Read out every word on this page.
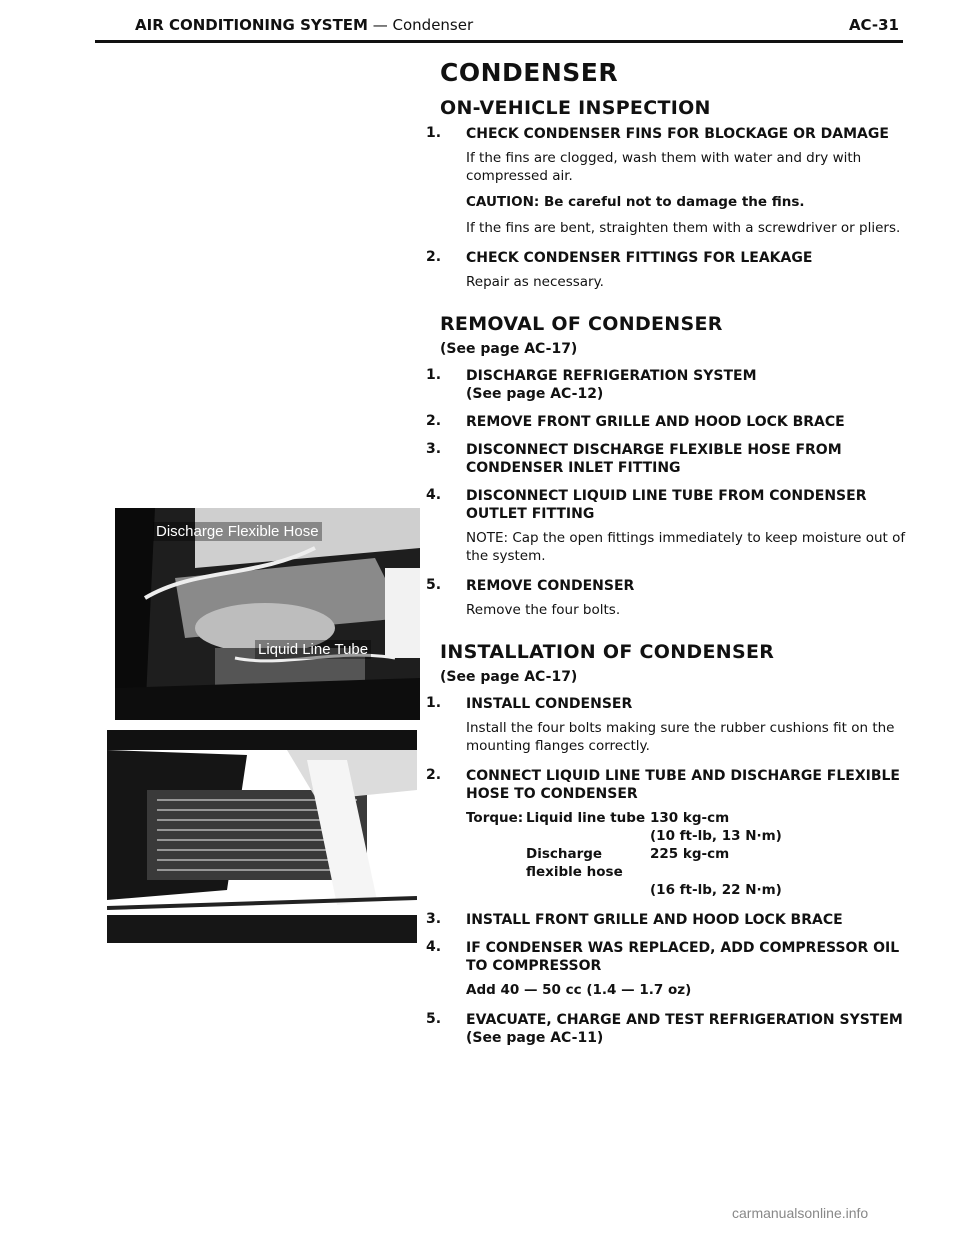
AIR CONDITIONING SYSTEM — Condenser	AC-31
Discharge Flexible Hose
Liquid Line Tube
CONDENSER
ON-VEHICLE INSPECTION
1.	CHECK CONDENSER FINS FOR BLOCKAGE OR DAMAGE

If the fins are clogged, wash them with water and dry with compressed air.

CAUTION: Be careful not to damage the fins.

If the fins are bent, straighten them with a screwdriver or pliers.

2.	CHECK CONDENSER FITTINGS FOR LEAKAGE

Repair as necessary.

REMOVAL OF CONDENSER
(See page AC-17)
1.	DISCHARGE REFRIGERATION SYSTEM
(See page AC-12)
2.	REMOVE FRONT GRILLE AND HOOD LOCK BRACE
3.	DISCONNECT DISCHARGE FLEXIBLE HOSE FROM CONDENSER INLET FITTING
4.	DISCONNECT LIQUID LINE TUBE FROM CONDENSER OUTLET FITTING

NOTE: Cap the open fittings immediately to keep moisture out of the system.

5.	REMOVE CONDENSER

Remove the four bolts.

INSTALLATION OF CONDENSER
(See page AC-17)
1.	INSTALL CONDENSER

Install the four bolts making sure the rubber cushions fit on the mounting flanges correctly.

2.	CONNECT LIQUID LINE TUBE AND DISCHARGE FLEXIBLE HOSE TO CONDENSER
Torque: Liquid line tube 130 kg-cm
(10 ft-lb, 13 N·m)
Discharge flexible hose
225 kg-cm
(16 ft-lb, 22 N·m)
3.	INSTALL FRONT GRILLE AND HOOD LOCK BRACE
4.	IF CONDENSER WAS REPLACED, ADD COMPRESSOR OIL TO COMPRESSOR

Add 40 — 50 cc (1.4 — 1.7 oz)

5.	EVACUATE, CHARGE AND TEST REFRIGERATION SYSTEM (See page AC-11)
carmanualsonline.info
